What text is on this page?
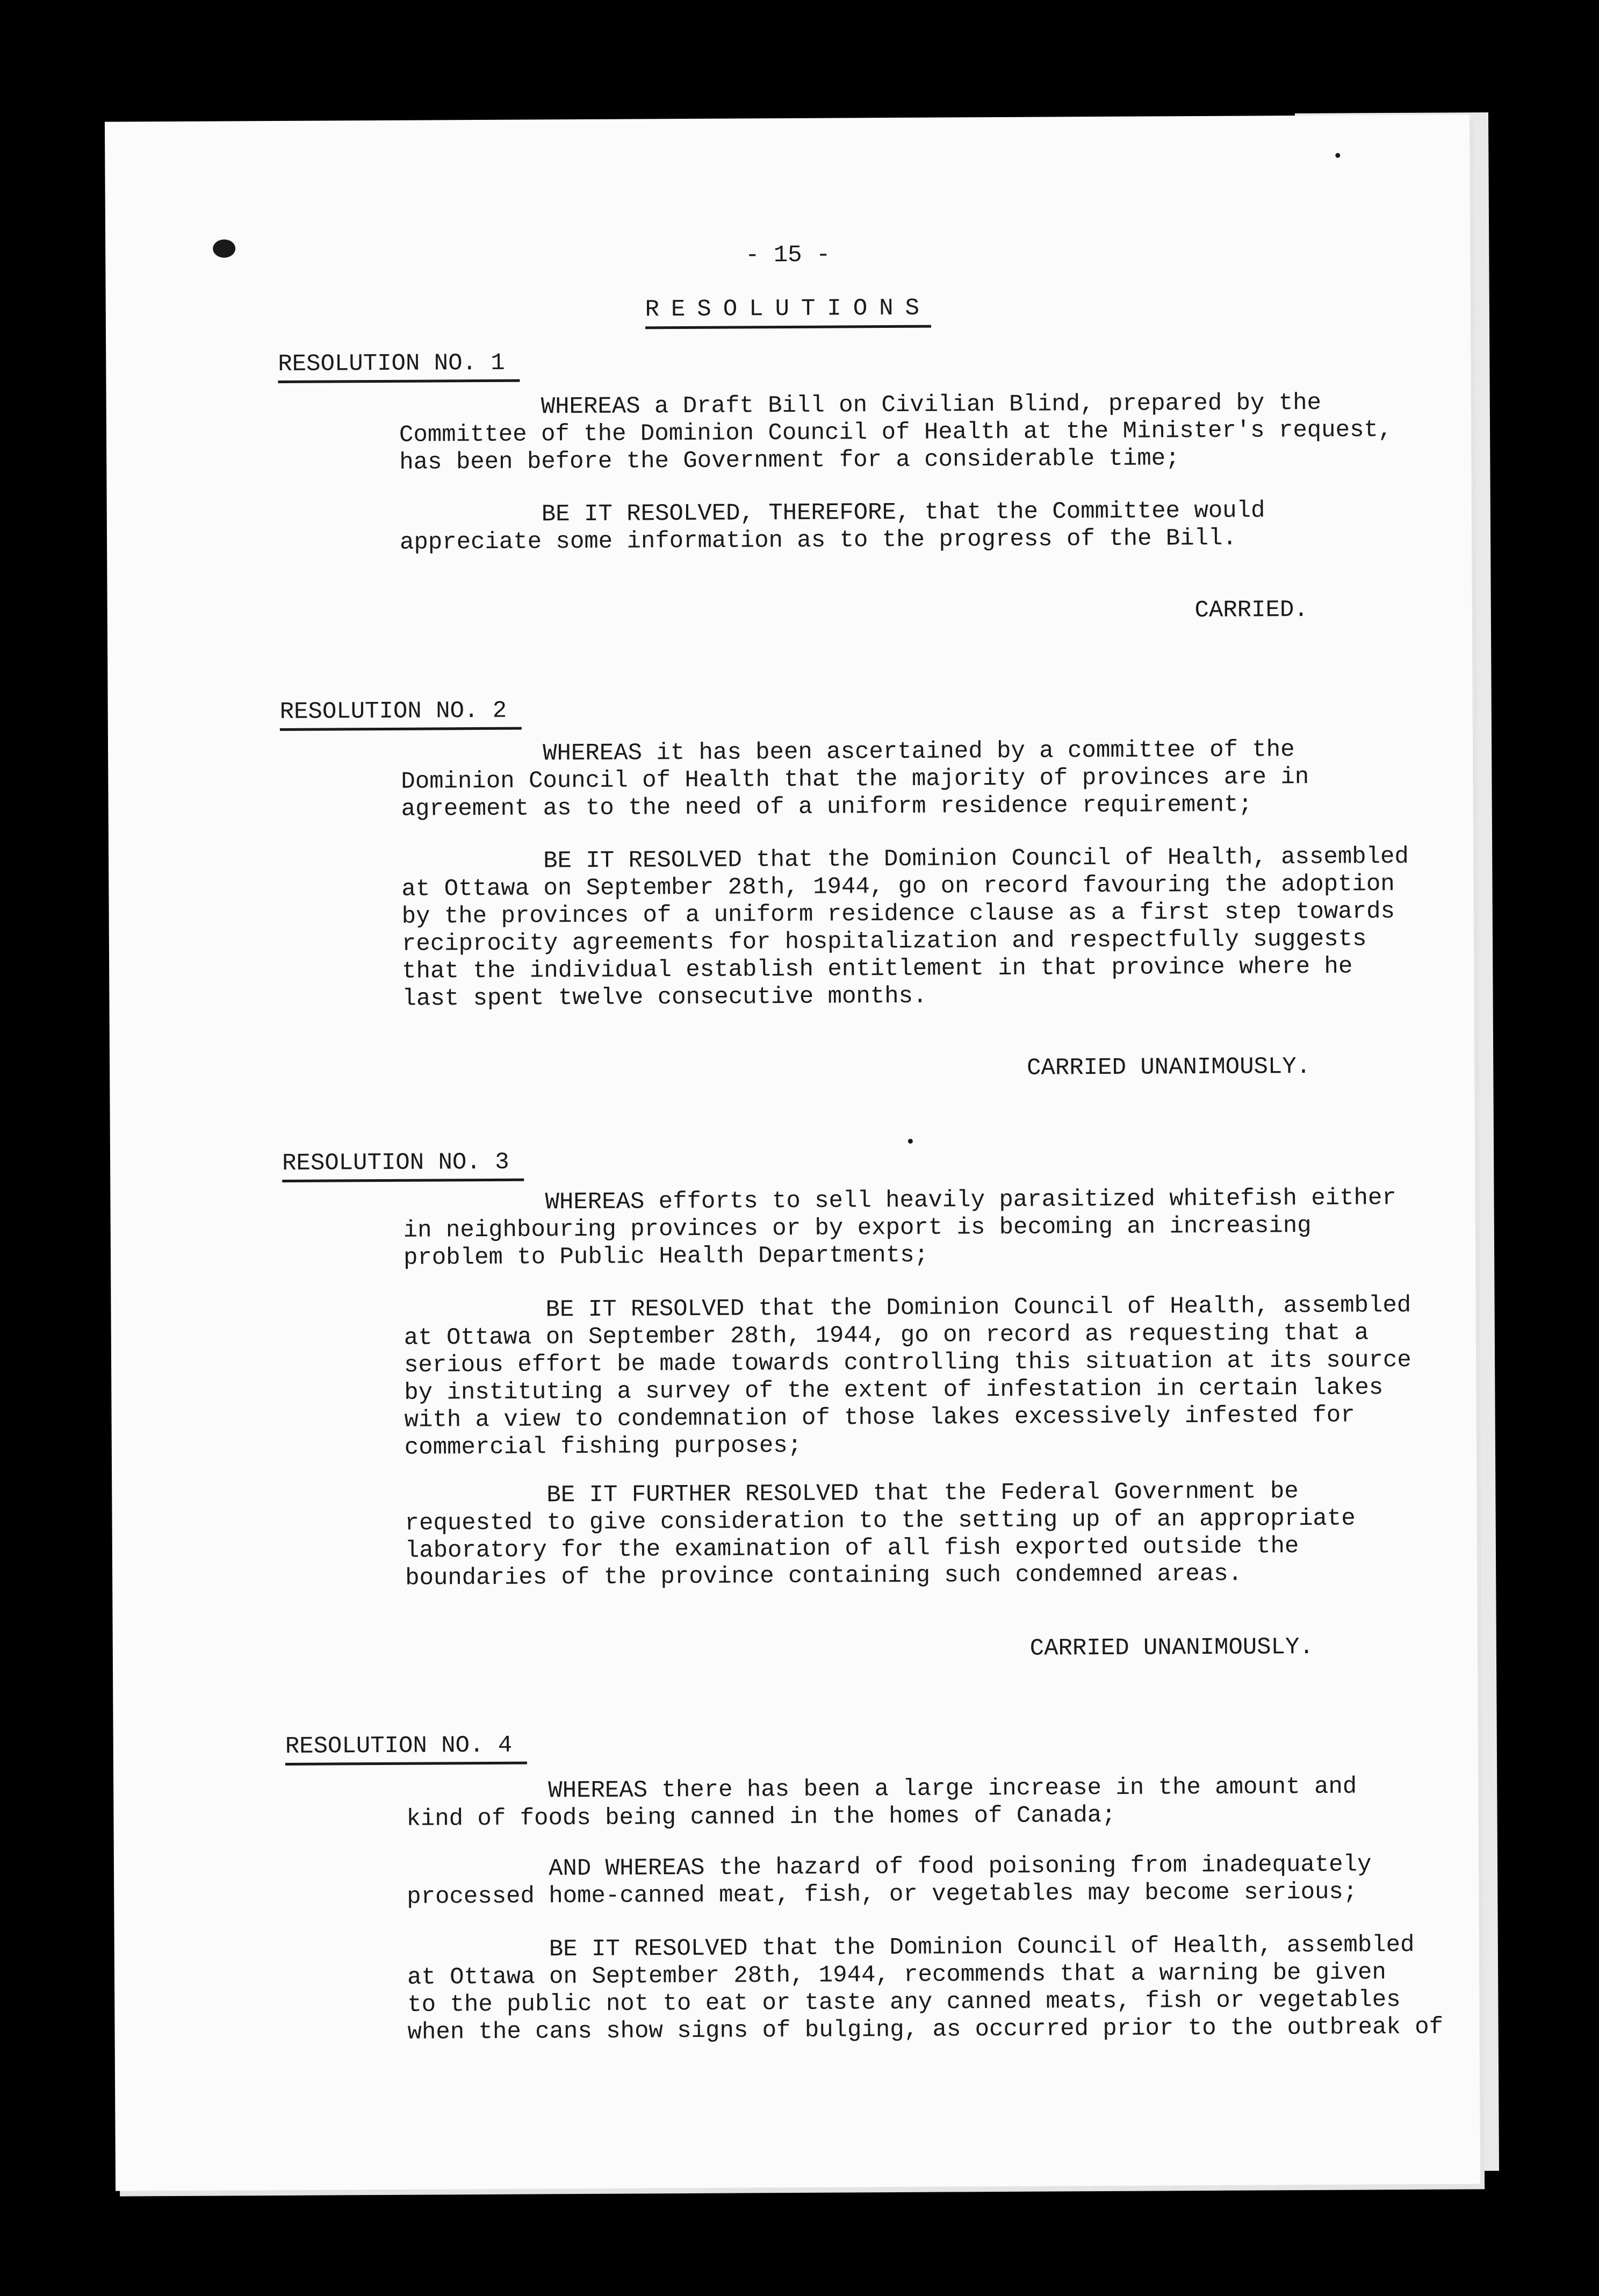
- 15 -
RESOLUTIONS
RESOLUTION NO. 1

WHEREAS a Draft Bill on Civilian Blind, prepared by the
Committee of the Dominion Council of Health at the Minister's request,
has been before the Government for a considerable time;

BE IT RESOLVED, THEREFORE, that the Committee would
appreciate some information as to the progress of the Bill.

CARRIED.

RESOLUTION NO. 2

WHEREAS it has been ascertained by a committee of the
Dominion Council of Health that the majority of provinces are in
agreement as to the need of a uniform residence requirement;

BE IT RESOLVED that the Dominion Council of Health, assembled
at Ottawa on September 28th, 1944, go on record favouring the adoption
by the provinces of a uniform residence clause as a first step towards
reciprocity agreements for hospitalization and respectfully suggests
that the individual establish entitlement in that province where he
last spent twelve consecutive months.

CARRIED UNANIMOUSLY.

RESOLUTION NO. 3

WHEREAS efforts to sell heavily parasitized whitefish either
in neighbouring provinces or by export is becoming an increasing
problem to Public Health Departments;

BE IT RESOLVED that the Dominion Council of Health, assembled
at Ottawa on September 28th, 1944, go on record as requesting that a
serious effort be made towards controlling this situation at its source
by instituting a survey of the extent of infestation in certain lakes
with a view to condemnation of those lakes excessively infested for
commercial fishing purposes;

BE IT FURTHER RESOLVED that the Federal Government be
requested to give consideration to the setting up of an appropriate
laboratory for the examination of all fish exported outside the
boundaries of the province containing such condemned areas.

CARRIED UNANIMOUSLY.

RESOLUTION NO. 4

WHEREAS there has been a large increase in the amount and
kind of foods being canned in the homes of Canada;

AND WHEREAS the hazard of food poisoning from inadequately
processed home-canned meat, fish, or vegetables may become serious;

BE IT RESOLVED that the Dominion Council of Health, assembled
at Ottawa on September 28th, 1944, recommends that a warning be given
to the public not to eat or taste any canned meats, fish or vegetables
when the cans show signs of bulging, as occurred prior to the outbreak of
